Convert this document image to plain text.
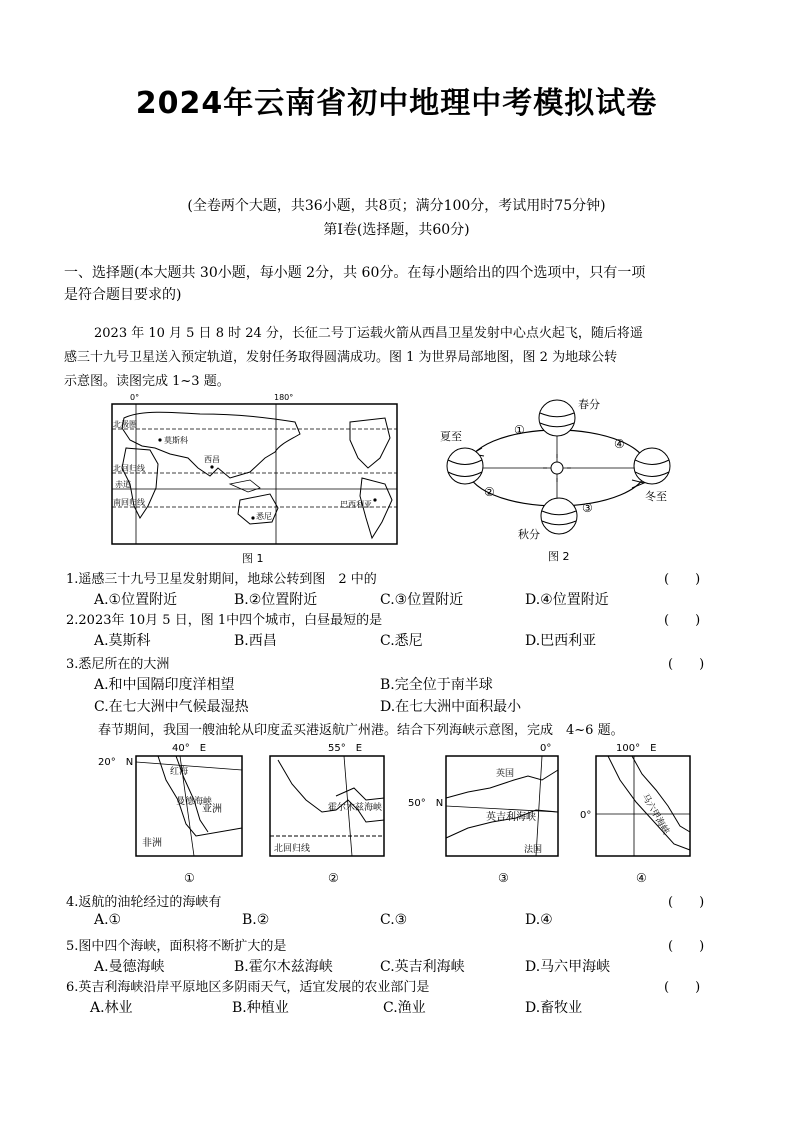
2024年云南省初中地理中考模拟试卷
(全卷两个大题，共36小题，共8页；满分100分，考试用时75分钟)
第Ⅰ卷(选择题，共60分)
一、选择题(本大题共 30小题，每小题 2分，共 60分。在每小题给出的四个选项中，只有一项
是符合题目要求的)
2023 年 10 月 5 日 8 时 24 分，长征二号丁运载火箭从西昌卫星发射中心点火起飞，随后将遥
感三十九号卫星送入预定轨道，发射任务取得圆满成功。图 1 为世界局部地图，图 2 为地球公转
示意图。读图完成 1~3 题。
0°	180°
北极圈
北回归线
赤道
南回归线
莫斯科
西昌
悉尼
巴西利亚
图 1
春分
夏至
冬至
秋分
①
②
③
④
图 2
1.遥感三十九号卫星发射期间，地球公转到图　2 中的	(　　)
A.①位置附近	B.②位置附近	C.③位置附近	D.④位置附近
2.2023年 10月 5 日，图 1中四个城市，白昼最短的是	(　　)
A.莫斯科	B.西昌	C.悉尼	D.巴西利亚
3.悉尼所在的大洲	(　　)
A.和中国隔印度洋相望	B.完全位于南半球
C.在七大洲中气候最湿热	D.在七大洲中面积最小
春节期间，我国一艘油轮从印度孟买港返航广州港。结合下列海峡示意图，完成　4~6 题。
40°　E
20°　N
红海
曼德海峡
亚洲
非洲
①
55°　E
霍尔木兹海峡
北回归线
②
0°
50°　N
英国
英吉利海峡
法国
③
100°　E
0°	马六甲海峡
④
4.返航的油轮经过的海峡有	(　　)
A.①	B.②	C.③	D.④
5.图中四个海峡，面积将不断扩大的是	(　　)
A.曼德海峡	B.霍尔木兹海峡	C.英吉利海峡	D.马六甲海峡
6.英吉利海峡沿岸平原地区多阴雨天气，适宜发展的农业部门是	(　　)
A.林业	B.种植业	C.渔业	D.畜牧业
